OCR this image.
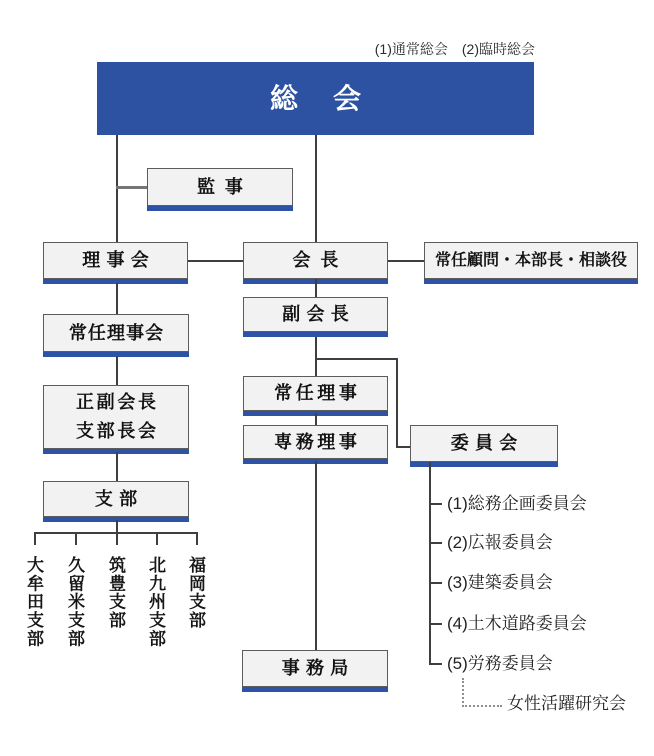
(1)通常総会　(2)臨時総会
総会
監事
理事会	会長	常任顧問・本部長・相談役
副会長
常任理事会
正副会長
支部長会
常任理事
専務理事	委員会
支部
事務局
(1)総務企画委員会
(2)広報委員会
(3)建築委員会
(4)土木道路委員会
(5)労務委員会
女性活躍研究会
大牟田支部 久留米支部 筑豊支部 北九州支部 福岡支部
